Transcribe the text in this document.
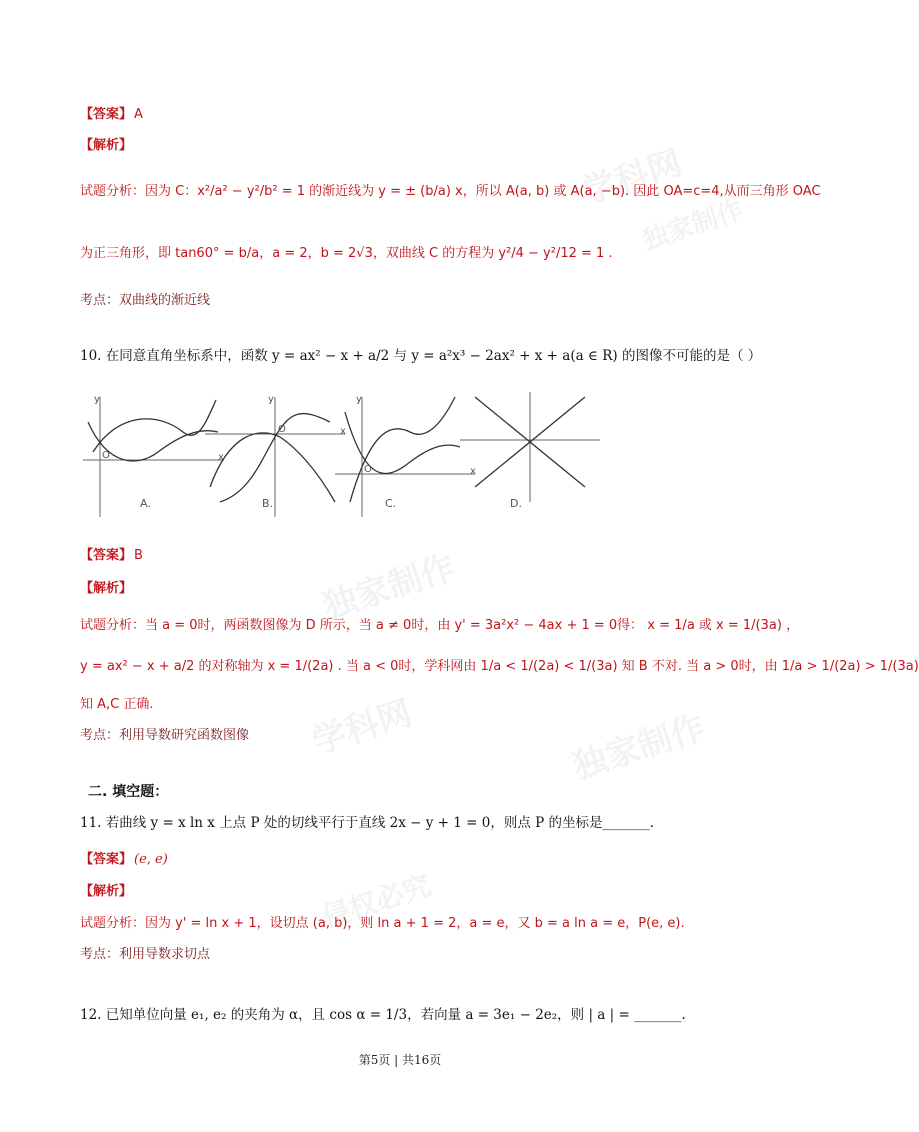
学科网
独家制作
独家制作
学科网	独家制作
侵权必究
【答案】 A
【解析】
试题分析：因为 C：x²/a² − y²/b² = 1 的渐近线为 y = ± (b/a) x，所以 A(a, b) 或 A(a, −b). 因此 OA=c=4,从而三角形 OAC
为正三角形，即 tan60° = b/a，a = 2，b = 2√3，双曲线 C 的方程为 y²/4 − y²/12 = 1 .
考点：双曲线的渐近线
10. 在同意直角坐标系中，函数 y = ax² − x + a/2 与 y = a²x³ − 2ax² + x + a(a ∈ R) 的图像不可能的是（ ）
y
O	x
y
O	x
y
O	x
A.	B.	C.	D.
【答案】 B
【解析】
试题分析：当 a = 0时，两函数图像为 D 所示，当 a ≠ 0时，由 y' = 3a²x² − 4ax + 1 = 0得： x = 1/a 或 x = 1/(3a) ，
y = ax² − x + a/2 的对称轴为 x = 1/(2a) . 当 a < 0时，学科网由 1/a < 1/(2a) < 1/(3a) 知 B 不对. 当 a > 0时，由 1/a > 1/(2a) > 1/(3a)
知 A,C 正确.
考点：利用导数研究函数图像
二. 填空题：
11. 若曲线 y = x ln x 上点 P 处的切线平行于直线 2x − y + 1 = 0，则点 P 的坐标是_______.
【答案】 (e, e)
【解析】
试题分析：因为 y' = ln x + 1，设切点 (a, b)，则 ln a + 1 = 2，a = e，又 b = a ln a = e，P(e, e).
考点：利用导数求切点
12. 已知单位向量 e₁, e₂ 的夹角为 α，且 cos α = 1/3，若向量 a = 3e₁ − 2e₂，则 | a | = _______.
第5页 | 共16页
